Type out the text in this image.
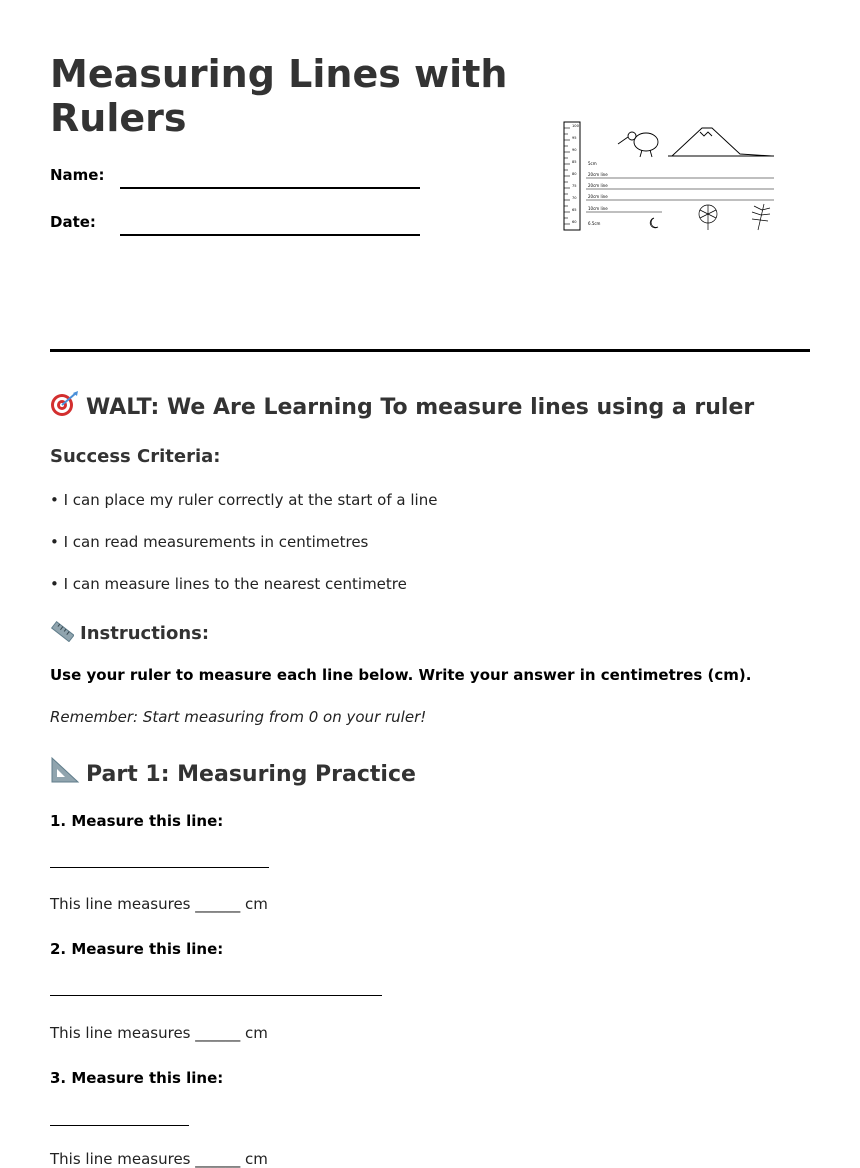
Measuring Lines with Rulers
Name:
Date:
100
95
90
85
80
75
70
65
60
5cm
20cm line
20cm line
20cm line
10cm line
6.5cm
WALT: We Are Learning To measure lines using a ruler
Success Criteria:
• I can place my ruler correctly at the start of a line
• I can read measurements in centimetres
• I can measure lines to the nearest centimetre
Instructions:
Use your ruler to measure each line below. Write your answer in centimetres (cm).
Remember: Start measuring from 0 on your ruler!
Part 1: Measuring Practice
1. Measure this line:
This line measures ______ cm
2. Measure this line:
This line measures ______ cm
3. Measure this line:
This line measures ______ cm
